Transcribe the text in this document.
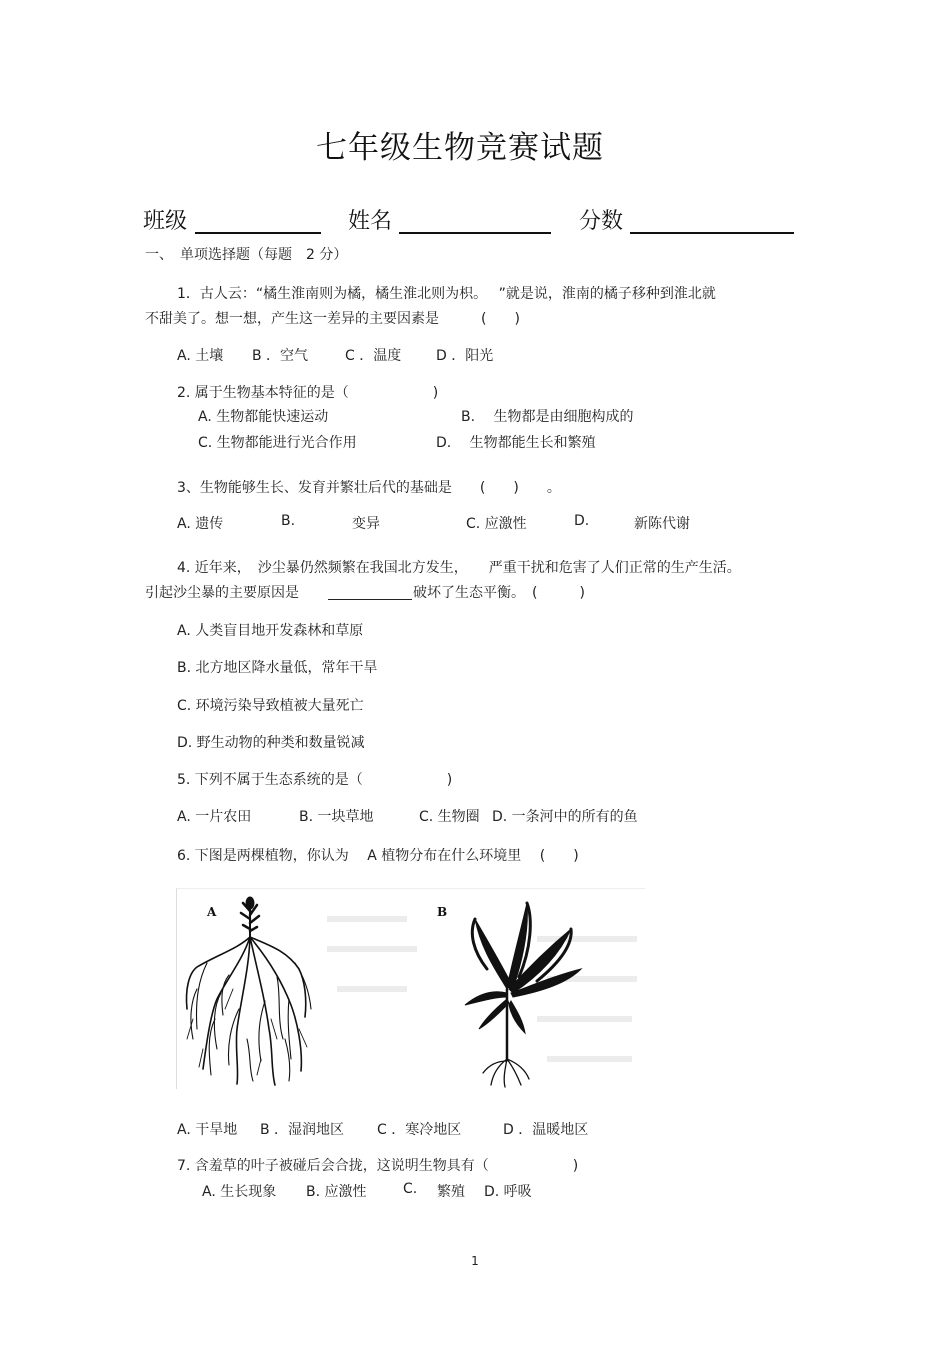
七年级生物竞赛试题
班级	姓名	分数
一、　单项选择题（每题　2 分）
1．古人云：“橘生淮南则为橘，橘生淮北则为枳。　 ”就是说，淮南的橘子移种到淮北就
不甜美了。想一想，产生这一差异的主要因素是　　　(　　)
A. 土壤 B ．空气	C ．温度 D ．阳光
2. 属于生物基本特征的是（　　　　　　)
A. 生物都能快速运动	B.　 生物都是由细胞构成的
C. 生物都能进行光合作用	D.　 生物都能生长和繁殖
3、生物能够生长、发育并繁壮后代的基础是　　(　　)　　。
A. 遗传	B.	变异	C. 应激性	D.	新陈代谢
4. 近年来，　沙尘暴仍然频繁在我国北方发生，　　严重干扰和危害了人们正常的生产生活。
引起沙尘暴的主要原因是	破坏了生态平衡。　(　　　)
A. 人类盲目地开发森林和草原
B. 北方地区降水量低，常年干旱
C. 环境污染导致植被大量死亡
D. 野生动物的种类和数量锐减
5. 下列不属于生态系统的是（　　　　　　)
A. 一片农田	B. 一块草地	C. 生物圈 D. 一条河中的所有的鱼
6. 下图是两棵植物，你认为　 A 植物分布在什么环境里　 (　　)
A	B
A. 干旱地 B ．湿润地区 C ．寒冷地区	D ．温暖地区
7. 含羞草的叶子被碰后会合拢，这说明生物具有（　　　　　　)
A. 生长现象 B. 应激性	C. 繁殖 D. 呼吸
1
